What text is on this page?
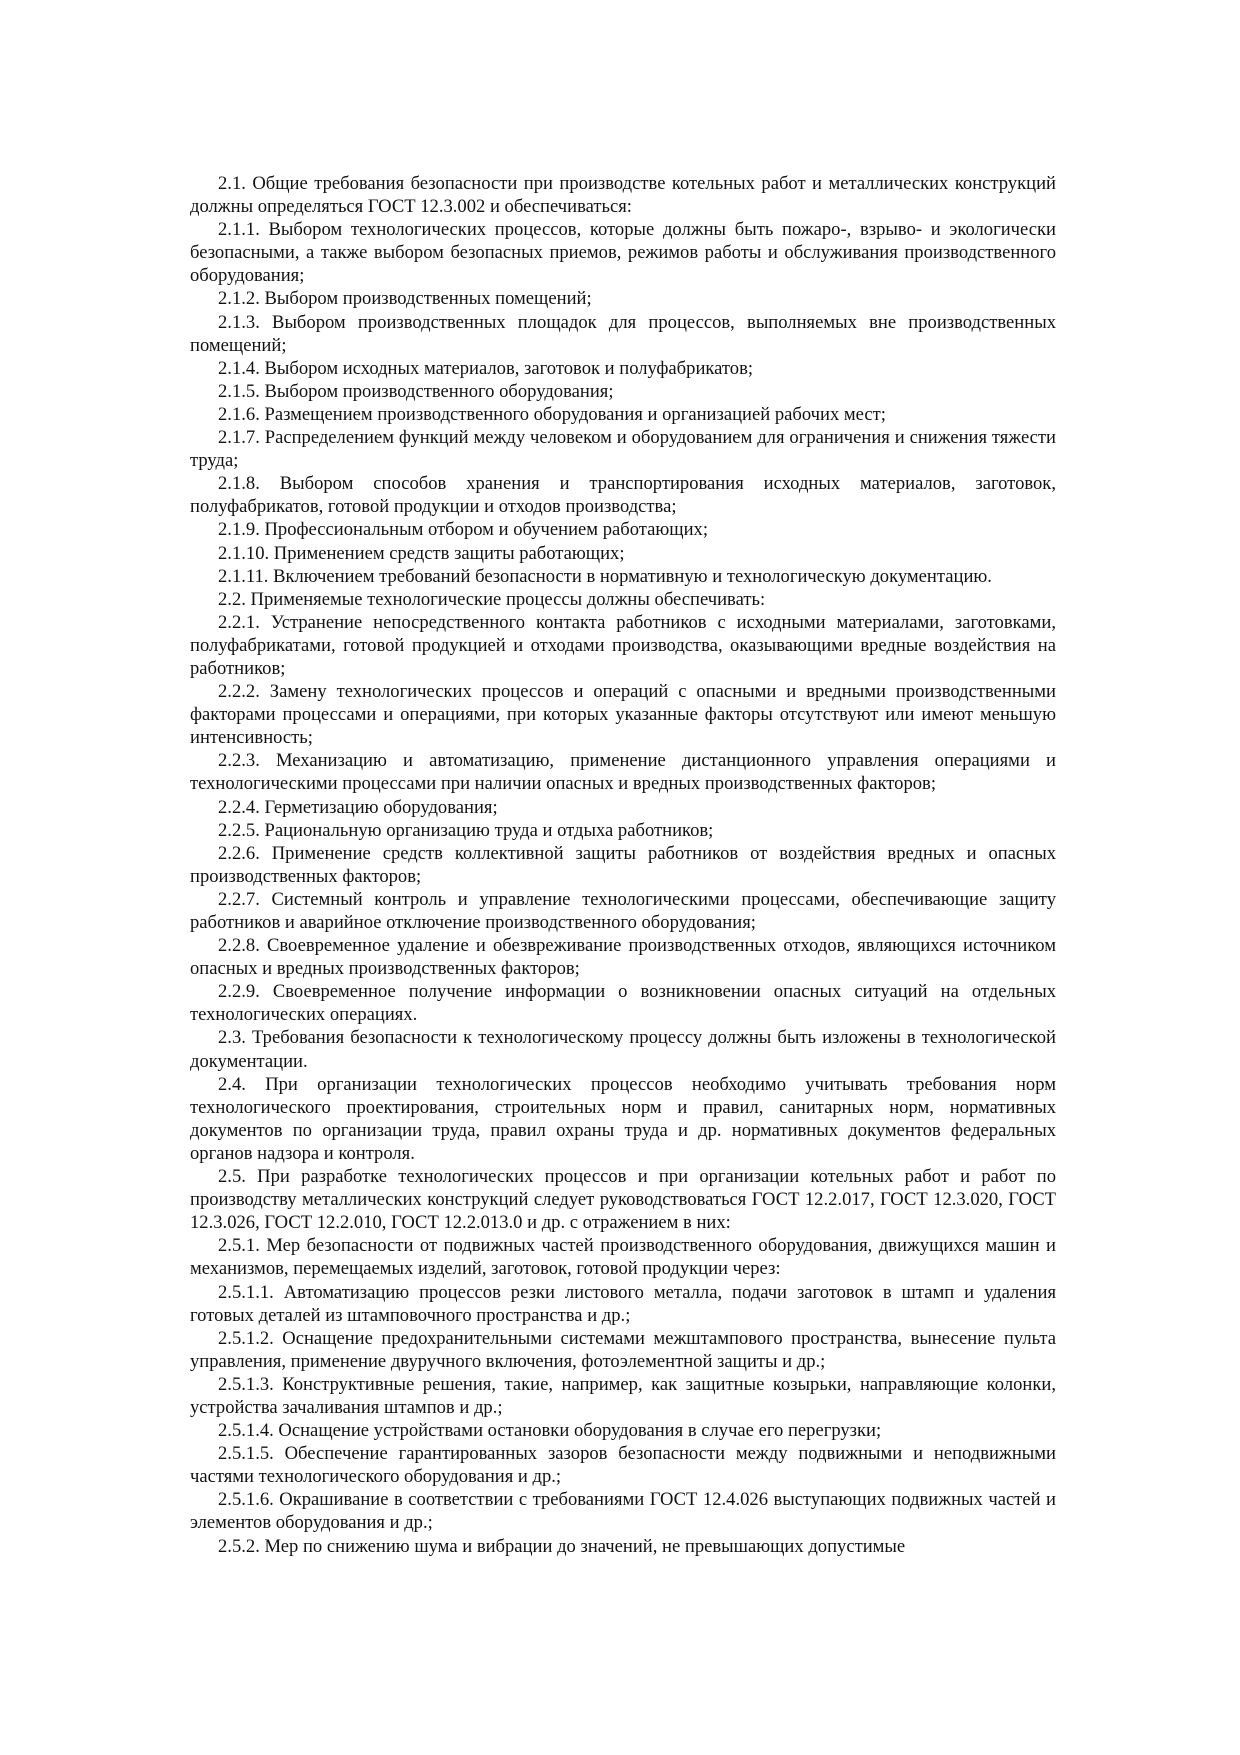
2.1. Общие требования безопасности при производстве котельных работ и металлических конструкций должны определяться ГОСТ 12.3.002 и обеспечиваться:

2.1.1. Выбором технологических процессов, которые должны быть пожаро-, взрыво- и экологически безопасными, а также выбором безопасных приемов, режимов работы и обслуживания производственного оборудования;

2.1.2. Выбором производственных помещений;

2.1.3. Выбором производственных площадок для процессов, выполняемых вне производственных помещений;

2.1.4. Выбором исходных материалов, заготовок и полуфабрикатов;

2.1.5. Выбором производственного оборудования;

2.1.6. Размещением производственного оборудования и организацией рабочих мест;

2.1.7. Распределением функций между человеком и оборудованием для ограничения и снижения тяжести труда;

2.1.8. Выбором способов хранения и транспортирования исходных материалов, заготовок, полуфабрикатов, готовой продукции и отходов производства;

2.1.9. Профессиональным отбором и обучением работающих;

2.1.10. Применением средств защиты работающих;

2.1.11. Включением требований безопасности в нормативную и технологическую документацию.

2.2. Применяемые технологические процессы должны обеспечивать:

2.2.1. Устранение непосредственного контакта работников с исходными материалами, заготовками, полуфабрикатами, готовой продукцией и отходами производства, оказывающими вредные воздействия на работников;

2.2.2. Замену технологических процессов и операций с опасными и вредными производственными факторами процессами и операциями, при которых указанные факторы отсутствуют или имеют меньшую интенсивность;

2.2.3. Механизацию и автоматизацию, применение дистанционного управления операциями и технологическими процессами при наличии опасных и вредных производственных факторов;

2.2.4. Герметизацию оборудования;

2.2.5. Рациональную организацию труда и отдыха работников;

2.2.6. Применение средств коллективной защиты работников от воздействия вредных и опасных производственных факторов;

2.2.7. Системный контроль и управление технологическими процессами, обеспечивающие защиту работников и аварийное отключение производственного оборудования;

2.2.8. Своевременное удаление и обезвреживание производственных отходов, являющихся источником опасных и вредных производственных факторов;

2.2.9. Своевременное получение информации о возникновении опасных ситуаций на отдельных технологических операциях.

2.3. Требования безопасности к технологическому процессу должны быть изложены в технологической документации.

2.4. При организации технологических процессов необходимо учитывать требования норм технологического проектирования, строительных норм и правил, санитарных норм, нормативных документов по организации труда, правил охраны труда и др. нормативных документов федеральных органов надзора и контроля.

2.5. При разработке технологических процессов и при организации котельных работ и работ по производству металлических конструкций следует руководствоваться ГОСТ 12.2.017, ГОСТ 12.3.020, ГОСТ 12.3.026, ГОСТ 12.2.010, ГОСТ 12.2.013.0 и др. с отражением в них:

2.5.1. Мер безопасности от подвижных частей производственного оборудования, движущихся машин и механизмов, перемещаемых изделий, заготовок, готовой продукции через:

2.5.1.1. Автоматизацию процессов резки листового металла, подачи заготовок в штамп и удаления готовых деталей из штамповочного пространства и др.;

2.5.1.2. Оснащение предохранительными системами межштампового пространства, вынесение пульта управления, применение двуручного включения, фотоэлементной защиты и др.;

2.5.1.3. Конструктивные решения, такие, например, как защитные козырьки, направляющие колонки, устройства зачаливания штампов и др.;

2.5.1.4. Оснащение устройствами остановки оборудования в случае его перегрузки;

2.5.1.5. Обеспечение гарантированных зазоров безопасности между подвижными и неподвижными частями технологического оборудования и др.;

2.5.1.6. Окрашивание в соответствии с требованиями ГОСТ 12.4.026 выступающих подвижных частей и элементов оборудования и др.;

2.5.2. Мер по снижению шума и вибрации до значений, не превышающих допустимые
